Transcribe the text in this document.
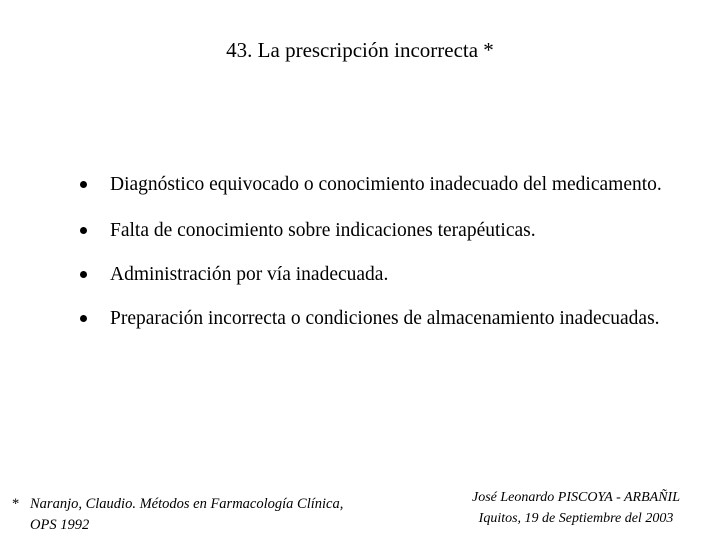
43. La prescripción incorrecta *
Diagnóstico equivocado o conocimiento inadecuado del medicamento.
Falta de conocimiento sobre indicaciones terapéuticas.
Administración por vía inadecuada.
Preparación incorrecta o condiciones de almacenamiento inadecuadas.
* Naranjo, Claudio. Métodos en Farmacología Clínica,
OPS 1992
José Leonardo PISCOYA - ARBAÑIL
Iquitos, 19 de Septiembre del 2003
